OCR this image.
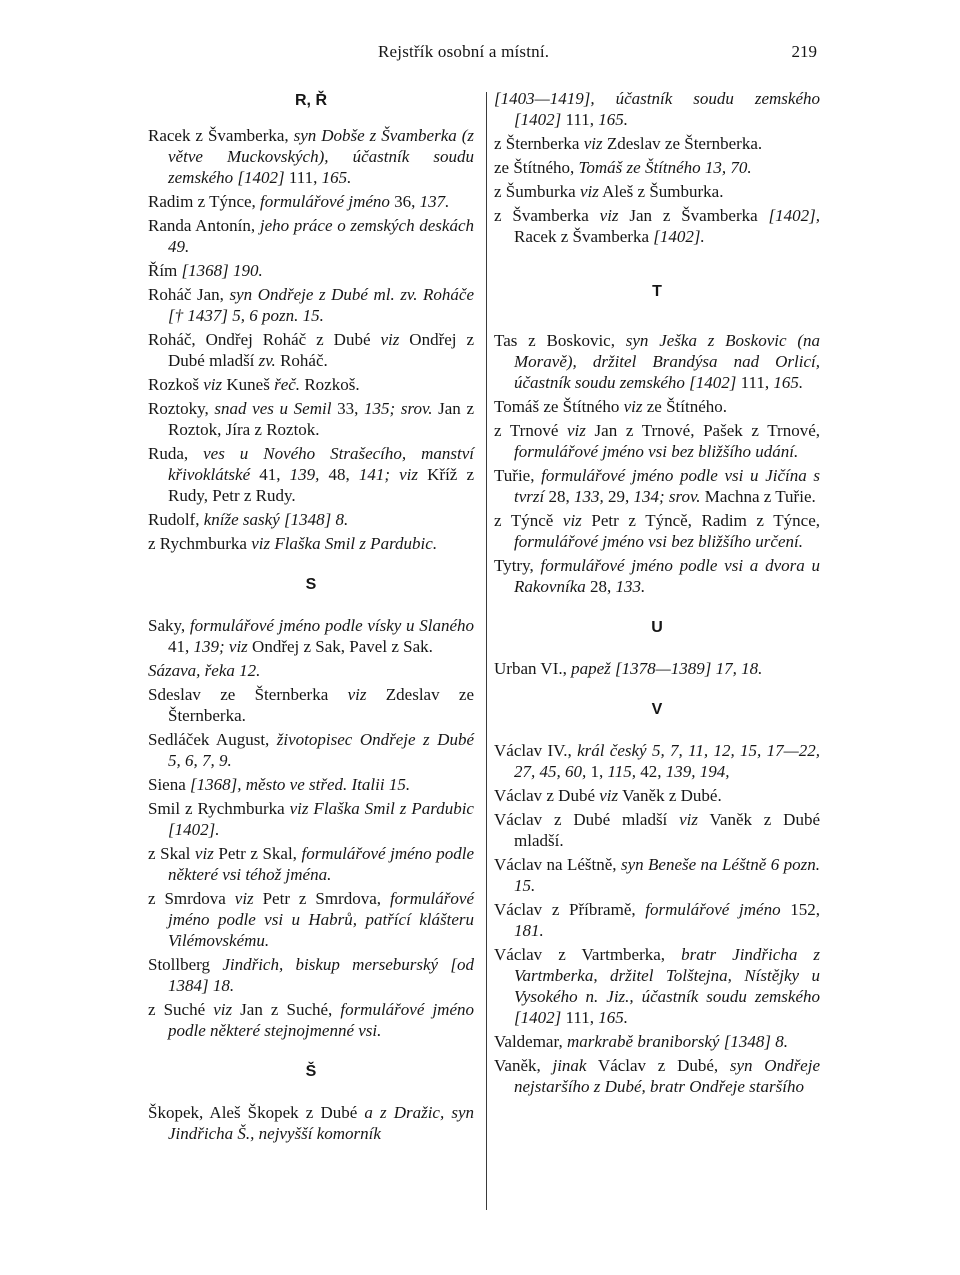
Rejstřík osobní a místní.	219
R, Ř
Racek z Švamberka, syn Dobše z Švamberka (z větve Muckovských), účastník soudu zemského [1402] 111, 165.
Radim z Týnce, formulářové jméno 36, 137.
Randa Antonín, jeho práce o zemských deskách 49.
Řím [1368] 190.
Roháč Jan, syn Ondřeje z Dubé ml. zv. Roháče [† 1437] 5, 6 pozn. 15.
Roháč, Ondřej Roháč z Dubé viz Ondřej z Dubé mladší zv. Roháč.
Rozkoš viz Kuneš řeč. Rozkoš.
Roztoky, snad ves u Semil 33, 135; srov. Jan z Roztok, Jíra z Roztok.
Ruda, ves u Nového Strašecího, manství křivoklátské 41, 139, 48, 141; viz Kříž z Rudy, Petr z Rudy.
Rudolf, kníže saský [1348] 8.
z Rychmburka viz Flaška Smil z Pardubic.
S
Saky, formulářové jméno podle vísky u Slaného 41, 139; viz Ondřej z Sak, Pavel z Sak.
Sázava, řeka 12.
Sdeslav ze Šternberka viz Zdeslav ze Šternberka.
Sedláček August, životopisec Ondřeje z Dubé 5, 6, 7, 9.
Siena [1368], město ve střed. Italii 15.
Smil z Rychmburka viz Flaška Smil z Pardubic [1402].
z Skal viz Petr z Skal, formulářové jméno podle některé vsi téhož jména.
z Smrdova viz Petr z Smrdova, formulářové jméno podle vsi u Habrů, patřící klášteru Vilémovskému.
Stollberg Jindřich, biskup merseburský [od 1384] 18.
z Suché viz Jan z Suché, formulářové jméno podle některé stejnojmenné vsi.
Š
Škopek, Aleš Škopek z Dubé a z Dražic, syn Jindřicha Š., nejvyšší komorník
[1403—1419], účastník soudu zemského [1402] 111, 165.
z Šternberka viz Zdeslav ze Šternberka.
ze Štítného, Tomáš ze Štítného 13, 70.
z Šumburka viz Aleš z Šumburka.
z Švamberka viz Jan z Švamberka [1402], Racek z Švamberka [1402].
T
Tas z Boskovic, syn Ješka z Boskovic (na Moravě), držitel Brandýsa nad Orlicí, účastník soudu zemského [1402] 111, 165.
Tomáš ze Štítného viz ze Štítného.
z Trnové viz Jan z Trnové, Pašek z Trnové, formulářové jméno vsi bez bližšího udání.
Tuřie, formulářové jméno podle vsi u Jičína s tvrzí 28, 133, 29, 134; srov. Machna z Tuřie.
z Týncě viz Petr z Týncě, Radim z Týnce, formulářové jméno vsi bez bližšího určení.
Tytry, formulářové jméno podle vsi a dvora u Rakovníka 28, 133.
U
Urban VI., papež [1378—1389] 17, 18.
V
Václav IV., král český 5, 7, 11, 12, 15, 17—22, 27, 45, 60, 1, 115, 42, 139, 194,
Václav z Dubé viz Vaněk z Dubé.
Václav z Dubé mladší viz Vaněk z Dubé mladší.
Václav na Léštně, syn Beneše na Léštně 6 pozn. 15.
Václav z Příbramě, formulářové jméno 152, 181.
Václav z Vartmberka, bratr Jindřicha z Vartmberka, držitel Tolštejna, Nístějky u Vysokého n. Jiz., účastník soudu zemského [1402] 111, 165.
Valdemar, markrabě braniborský [1348] 8.
Vaněk, jinak Václav z Dubé, syn Ondřeje nejstaršího z Dubé, bratr Ondřeje staršího
